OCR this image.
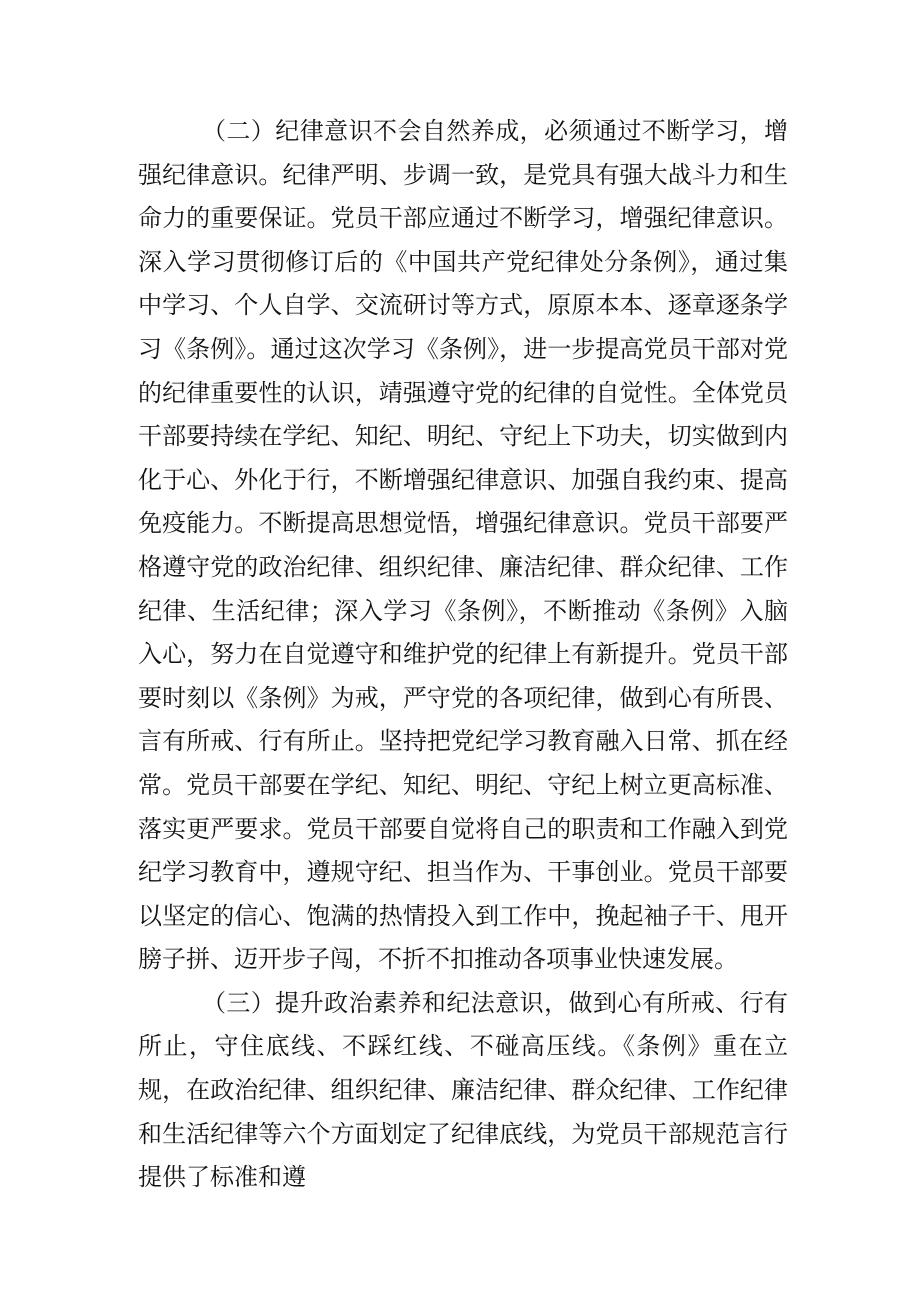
（二）纪律意识不会自然养成，必须通过不断学习，增强纪律意识。纪律严明、步调一致，是党具有强大战斗力和生命力的重要保证。党员干部应通过不断学习，增强纪律意识。深入学习贯彻修订后的《中国共产党纪律处分条例》，通过集中学习、个人自学、交流研讨等方式，原原本本、逐章逐条学习《条例》。通过这次学习《条例》，进一步提高党员干部对党的纪律重要性的认识，靖强遵守党的纪律的自觉性。全体党员干部要持续在学纪、知纪、明纪、守纪上下功夫，切实做到内化于心、外化于行，不断增强纪律意识、加强自我约束、提高免疫能力。不断提高思想觉悟，增强纪律意识。党员干部要严格遵守党的政治纪律、组织纪律、廉洁纪律、群众纪律、工作纪律、生活纪律；深入学习《条例》，不断推动《条例》入脑入心，努力在自觉遵守和维护党的纪律上有新提升。党员干部要时刻以《条例》为戒，严守党的各项纪律，做到心有所畏、言有所戒、行有所止。坚持把党纪学习教育融入日常、抓在经常。党员干部要在学纪、知纪、明纪、守纪上树立更高标准、落实更严要求。党员干部要自觉将自己的职责和工作融入到党纪学习教育中，遵规守纪、担当作为、干事创业。党员干部要以坚定的信心、饱满的热情投入到工作中，挽起袖子干、甩开膀子拼、迈开步子闯，不折不扣推动各项事业快速发展。

（三）提升政治素养和纪法意识，做到心有所戒、行有所止，守住底线、不踩红线、不碰高压线。《条例》重在立规，在政治纪律、组织纪律、廉洁纪律、群众纪律、工作纪律和生活纪律等六个方面划定了纪律底线，为党员干部规范言行提供了标准和遵
